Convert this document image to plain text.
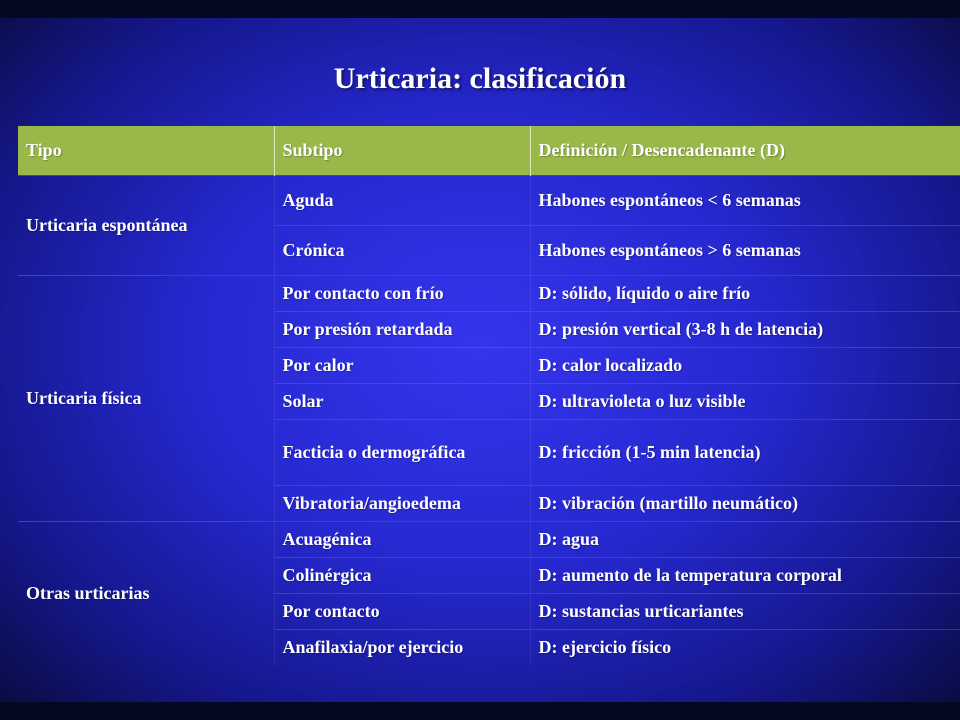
Urticaria: clasificación
Tipo	Subtipo	Definición / Desencadenante (D)
Urticaria espontánea	Aguda	Habones espontáneos < 6 semanas
	Crónica	Habones espontáneos > 6 semanas
Urticaria física	Por contacto con frío	D: sólido, líquido o aire frío
	Por presión retardada	D: presión vertical (3-8 h de latencia)
	Por calor	D: calor localizado
	Solar	D: ultravioleta o luz visible
	Facticia o dermográfica	D: fricción (1-5 min latencia)
	Vibratoria/angioedema	D: vibración (martillo neumático)
Otras urticarias	Acuagénica	D: agua
	Colinérgica	D: aumento de la temperatura corporal
	Por contacto	D: sustancias urticariantes
	Anafilaxia/por ejercicio	D: ejercicio físico
